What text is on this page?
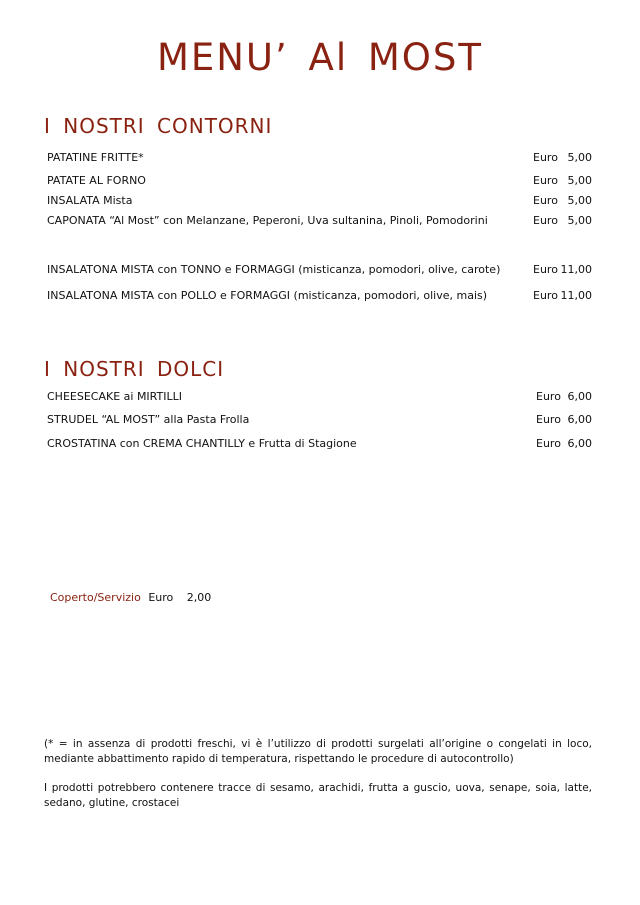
MENU’ Al MOST
I NOSTRI CONTORNI
PATATINE FRITTE*	Euro 5,00
PATATE AL FORNO	Euro 5,00
INSALATA Mista	Euro 5,00
CAPONATA “Al Most” con Melanzane, Peperoni, Uva sultanina, Pinoli, Pomodorini	Euro 5,00
INSALATONA MISTA con TONNO e FORMAGGI (misticanza, pomodori, olive, carote)	Euro 11,00
INSALATONA MISTA con POLLO e FORMAGGI (misticanza, pomodori, olive, mais)	Euro 11,00
I NOSTRI DOLCI
CHEESECAKE ai MIRTILLI	Euro 6,00
STRUDEL “AL MOST” alla Pasta Frolla	Euro 6,00
CROSTATINA con CREMA CHANTILLY e Frutta di Stagione	Euro 6,00
Coperto/Servizio Euro 2,00
(* = in assenza di prodotti freschi, vi è l’utilizzo di prodotti surgelati all’origine o congelati in loco, mediante abbattimento rapido di temperatura, rispettando le procedure di autocontrollo)
I prodotti potrebbero contenere tracce di sesamo, arachidi, frutta a guscio, uova, senape, soia, latte, sedano, glutine, crostacei
